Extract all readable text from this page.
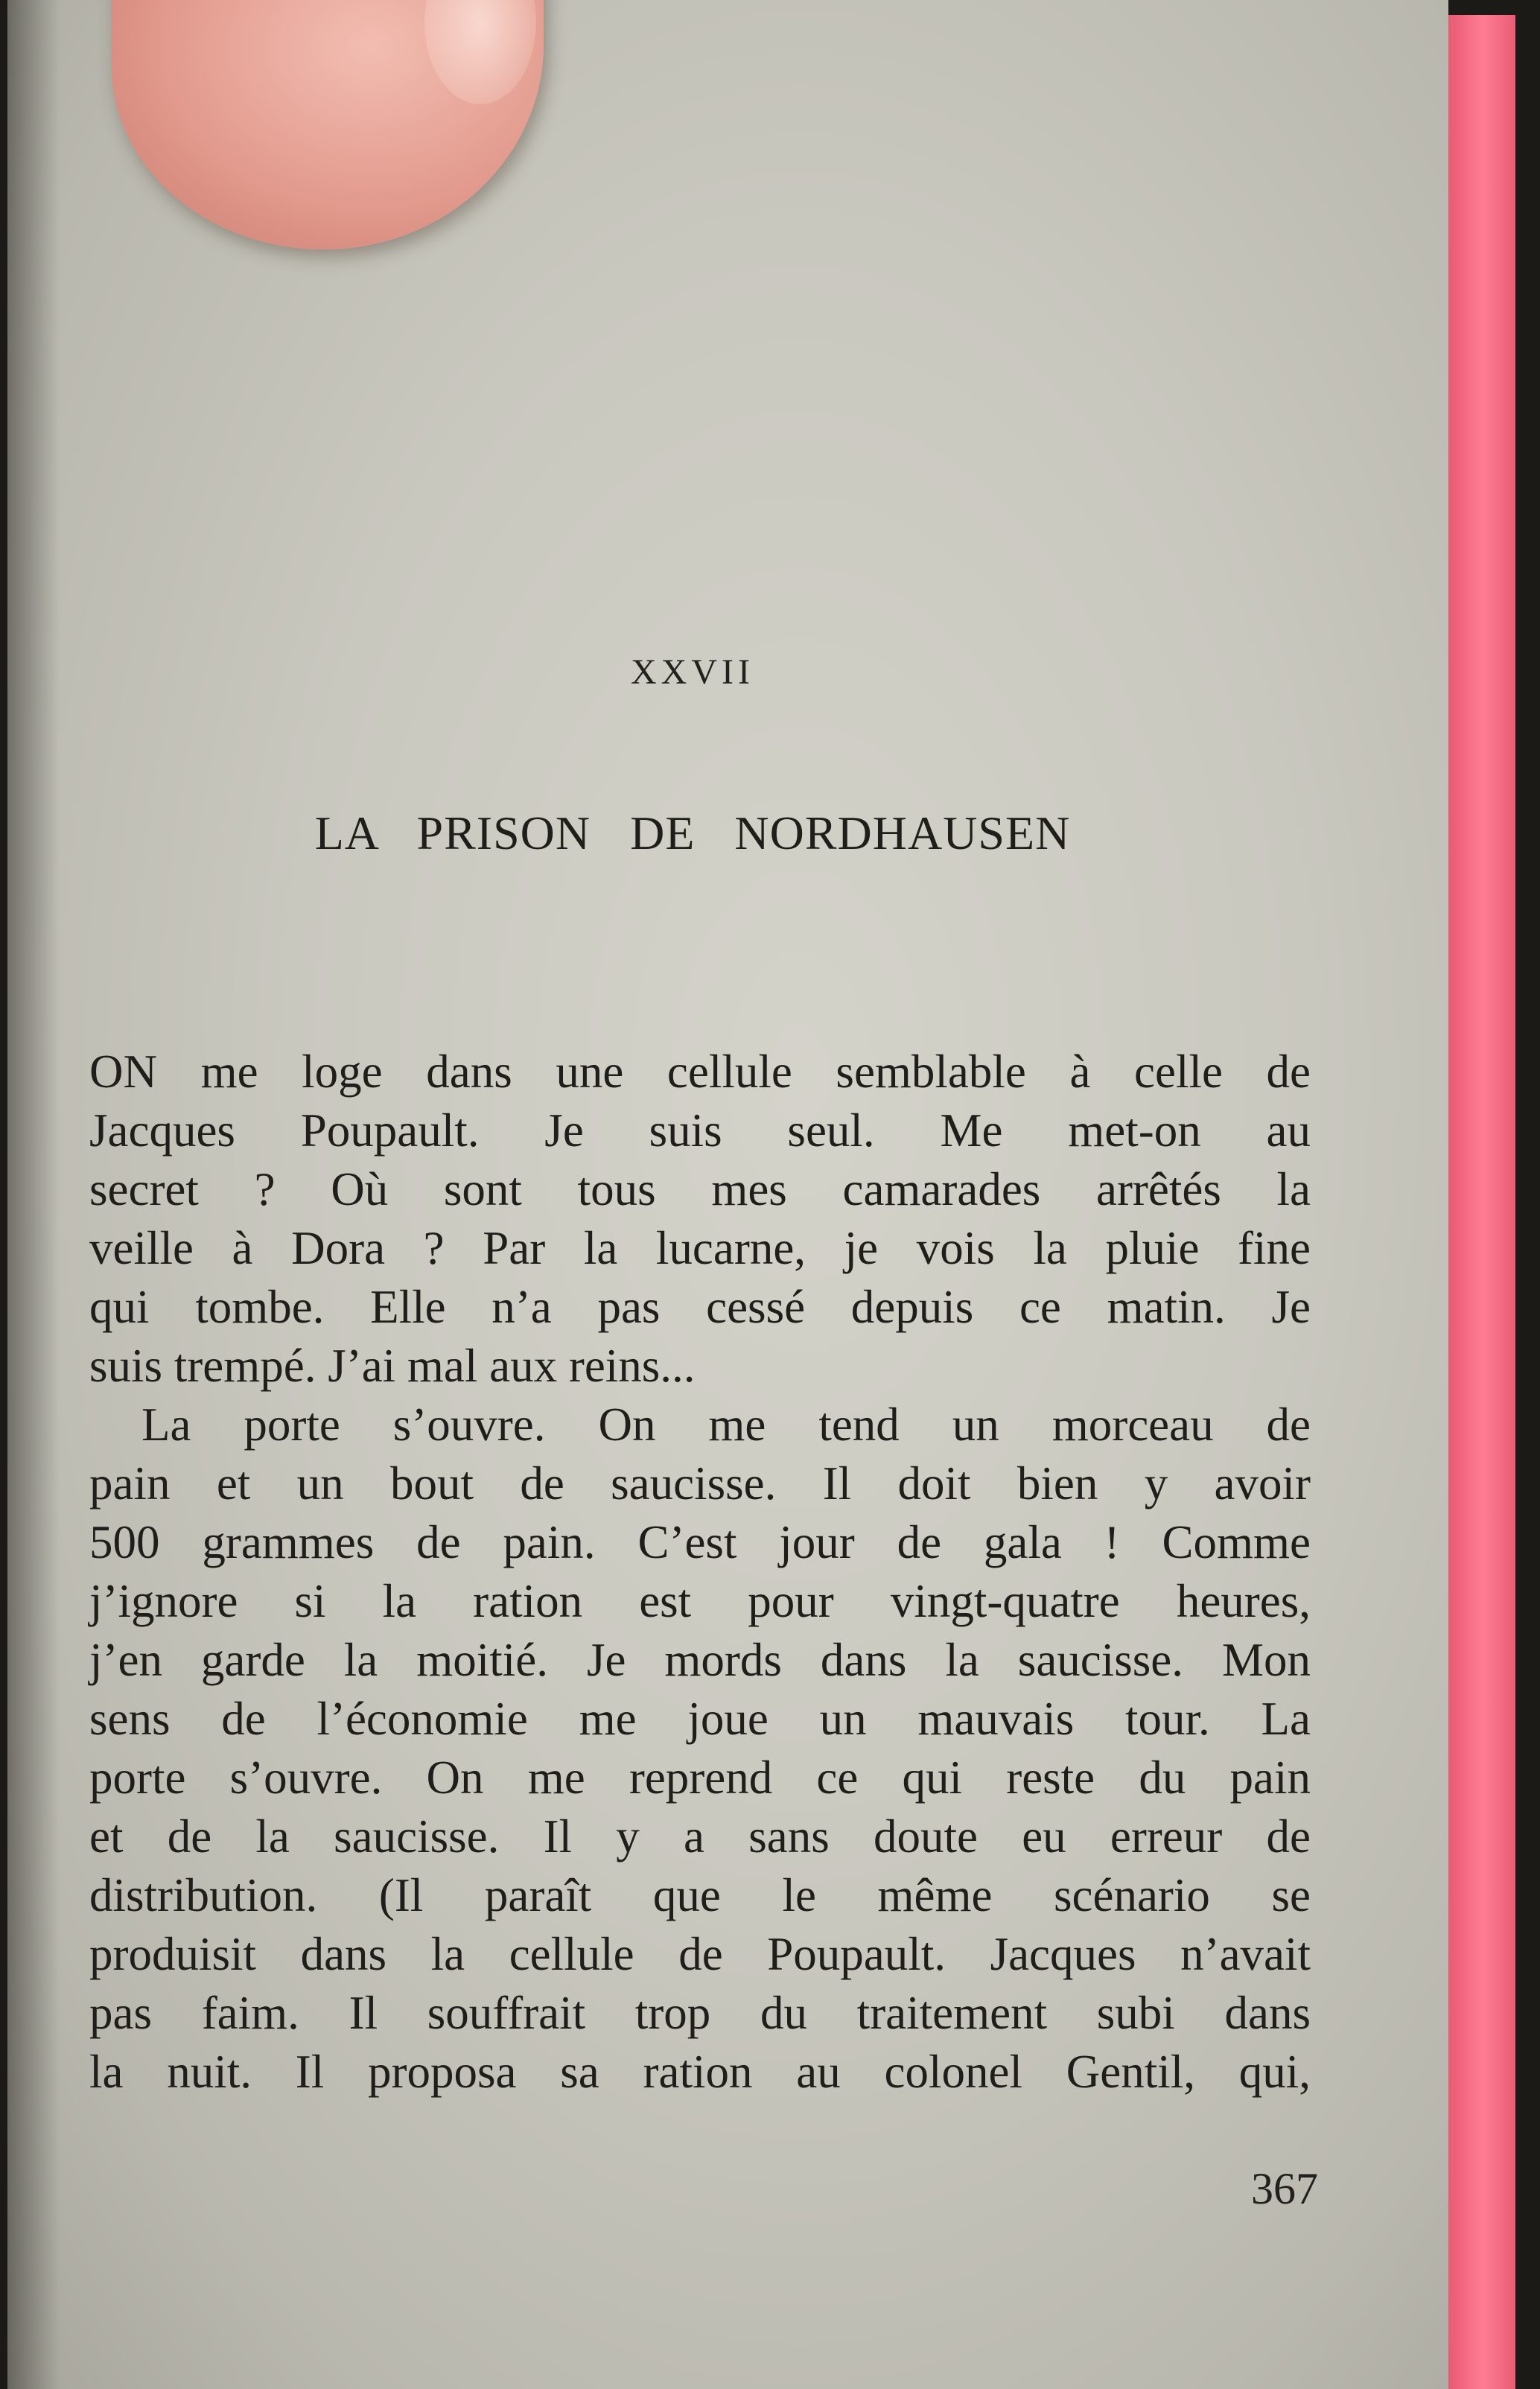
XXVII
LA PRISON DE NORDHAUSEN
ON me loge dans une cellule semblable à celle de
Jacques Poupault. Je suis seul. Me met-on au
secret ? Où sont tous mes camarades arrêtés la
veille à Dora ? Par la lucarne, je vois la pluie fine
qui tombe. Elle n’a pas cessé depuis ce matin. Je
suis trempé. J’ai mal aux reins...
La porte s’ouvre. On me tend un morceau de
pain et un bout de saucisse. Il doit bien y avoir
500 grammes de pain. C’est jour de gala ! Comme
j’ignore si la ration est pour vingt-quatre heures,
j’en garde la moitié. Je mords dans la saucisse. Mon
sens de l’économie me joue un mauvais tour. La
porte s’ouvre. On me reprend ce qui reste du pain
et de la saucisse. Il y a sans doute eu erreur de
distribution. (Il paraît que le même scénario se
produisit dans la cellule de Poupault. Jacques n’avait
pas faim. Il souffrait trop du traitement subi dans
la nuit. Il proposa sa ration au colonel Gentil, qui,
367
